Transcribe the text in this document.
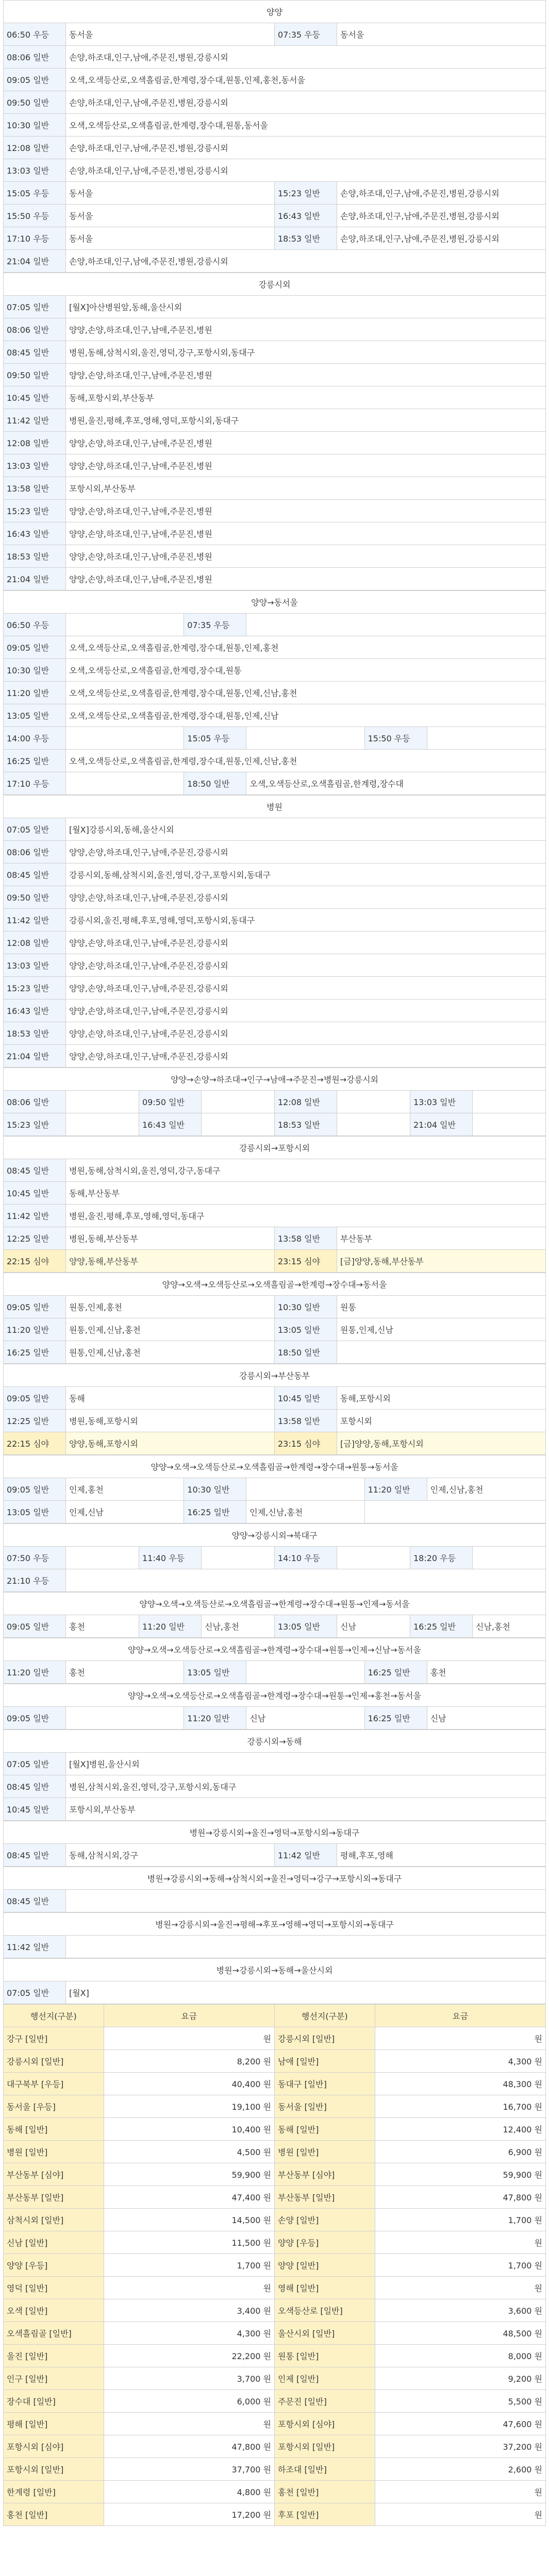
양양				
06:50 우등	동서울	07:35 우등	동서울	
08:06 일반	손양,하조대,인구,남애,주문진,병원,강릉시외			
09:05 일반	오색,오색등산로,오색흘림골,한계령,장수대,원통,인제,홍천,동서울			
09:50 일반	손양,하조대,인구,남애,주문진,병원,강릉시외			
10:30 일반	오색,오색등산로,오색흘림골,한계령,장수대,원통,동서울			
12:08 일반	손양,하조대,인구,남애,주문진,병원,강릉시외			
13:03 일반	손양,하조대,인구,남애,주문진,병원,강릉시외		
15:05 우등	동서울	15:23 일반	손양,하조대,인구,남애,주문진,병원,강릉시외	
15:50 우등	동서울	16:43 일반	손양,하조대,인구,남애,주문진,병원,강릉시외	
17:10 우등	동서울	18:53 일반	손양,하조대,인구,남애,주문진,병원,강릉시외	
21:04 일반	손양,하조대,인구,남애,주문진,병원,강릉시외			
강릉시외	
07:05 일반	[월X]아산병원앞,동해,울산시외
08:06 일반	양양,손양,하조대,인구,남애,주문진,병원
08:45 일반	병원,동해,삼척시외,울진,영덕,강구,포항시외,동대구
09:50 일반	양양,손양,하조대,인구,남애,주문진,병원
10:45 일반	동해,포항시외,부산동부
11:42 일반	병원,울진,평해,후포,영해,영덕,포항시외,동대구
12:08 일반	양양,손양,하조대,인구,남애,주문진,병원
13:03 일반	양양,손양,하조대,인구,남애,주문진,병원
13:58 일반	포항시외,부산동부
15:23 일반	양양,손양,하조대,인구,남애,주문진,병원
16:43 일반	양양,손양,하조대,인구,남애,주문진,병원
18:53 일반	양양,손양,하조대,인구,남애,주문진,병원
21:04 일반	양양,손양,하조대,인구,남애,주문진,병원
양양→동서울					
06:50 우등		07:35 우등			
09:05 일반	오색,오색등산로,오색흘림골,한계령,장수대,원통,인제,홍천				
10:30 일반	오색,오색등산로,오색흘림골,한계령,장수대,원통				
11:20 일반	오색,오색등산로,오색흘림골,한계령,장수대,원통,인제,신남,홍천				
13:05 일반	오색,오색등산로,오색흘림골,한계령,장수대,원통,인제,신남				
14:00 우등		15:05 우등		15:50 우등	
16:25 일반	오색,오색등산로,오색흘림골,한계령,장수대,원통,인제,신남,홍천				
17:10 우등		18:50 일반	오색,오색등산로,오색흘림골,한계령,장수대		
병원	
07:05 일반	[월X]강릉시외,동해,울산시외
08:06 일반	양양,손양,하조대,인구,남애,주문진,강릉시외
08:45 일반	강릉시외,동해,삼척시외,울진,영덕,강구,포항시외,동대구
09:50 일반	양양,손양,하조대,인구,남애,주문진,강릉시외
11:42 일반	강릉시외,울진,평해,후포,영해,영덕,포항시외,동대구
12:08 일반	양양,손양,하조대,인구,남애,주문진,강릉시외
13:03 일반	양양,손양,하조대,인구,남애,주문진,강릉시외
15:23 일반	양양,손양,하조대,인구,남애,주문진,강릉시외
16:43 일반	양양,손양,하조대,인구,남애,주문진,강릉시외
18:53 일반	양양,손양,하조대,인구,남애,주문진,강릉시외
21:04 일반	양양,손양,하조대,인구,남애,주문진,강릉시외
양양→손양→하조대→인구→남애→주문진→병원→강릉시외							
08:06 일반		09:50 일반		12:08 일반		13:03 일반	
15:23 일반		16:43 일반		18:53 일반		21:04 일반	
강릉시외→포항시외			
08:45 일반	병원,동해,삼척시외,울진,영덕,강구,동대구		
10:45 일반	동해,부산동부		
11:42 일반	병원,울진,평해,후포,영해,영덕,동대구		
12:25 일반	병원,동해,부산동부	13:58 일반	부산동부
22:15 심야	양양,동해,부산동부	23:15 심야	[금]양양,동해,부산동부
양양→오색→오색등산로→오색흘림골→한계령→장수대→동서울			
09:05 일반	원통,인제,홍천	10:30 일반	원통
11:20 일반	원통,인제,신남,홍천	13:05 일반	원통,인제,신남
16:25 일반	원통,인제,신남,홍천	18:50 일반	
강릉시외→부산동부			
09:05 일반	동해	10:45 일반	동해,포항시외
12:25 일반	병원,동해,포항시외	13:58 일반	포항시외
22:15 심야	양양,동해,포항시외	23:15 심야	[금]양양,동해,포항시외
양양→오색→오색등산로→오색흘림골→한계령→장수대→원통→동서울					
09:05 일반	인제,홍천	10:30 일반		11:20 일반	인제,신남,홍천
13:05 일반	인제,신남	16:25 일반	인제,신남,홍천		
양양→강릉시외→북대구							
07:50 우등		11:40 우등		14:10 우등		18:20 우등	
21:10 우등							
양양→오색→오색등산로→오색흘림골→한계령→장수대→원통→인제→동서울
09:05 일반	홍천	11:20 일반	신남,홍천	13:05 일반	신남	16:25 일반	신남,홍천
양양→오색→오색등산로→오색흘림골→한계령→장수대→원통→인제→신남→동서울
11:20 일반	홍천	13:05 일반		16:25 일반	홍천
양양→오색→오색등산로→오색흘림골→한계령→장수대→원통→인제→홍천→동서울
09:05 일반		11:20 일반	신남	16:25 일반	신남
강릉시외→동해	
07:05 일반	[월X]병원,울산시외
08:45 일반	병원,삼척시외,울진,영덕,강구,포항시외,동대구
10:45 일반	포항시외,부산동부
병원→강릉시외→울진→영덕→포항시외→동대구
08:45 일반	동해,삼척시외,강구	11:42 일반	평해,후포,영해
병원→강릉시외→동해→삼척시외→울진→영덕→강구→포항시외→동대구
08:45 일반	
병원→강릉시외→울진→평해→후포→영해→영덕→포항시외→동대구
11:42 일반	
병원→강릉시외→동해→울산시외
07:05 일반	[월X]
행선지(구분)	요금	행선지(구분)	요금
강구 [일반]	원	강릉시외 [일반]	원
강릉시외 [일반]	8,200 원	남애 [일반]	4,300 원
대구북부 [우등]	40,400 원	동대구 [일반]	48,300 원
동서울 [우등]	19,100 원	동서울 [일반]	16,700 원
동해 [일반]	10,400 원	동해 [일반]	12,400 원
병원 [일반]	4,500 원	병원 [일반]	6,900 원
부산동부 [심야]	59,900 원	부산동부 [심야]	59,900 원
부산동부 [일반]	47,400 원	부산동부 [일반]	47,800 원
삼척시외 [일반]	14,500 원	손양 [일반]	1,700 원
신남 [일반]	11,500 원	양양 [우등]	원
양양 [우등]	1,700 원	양양 [일반]	1,700 원
영덕 [일반]	원	영해 [일반]	원
오색 [일반]	3,400 원	오색등산로 [일반]	3,600 원
오색흘림골 [일반]	4,300 원	울산시외 [일반]	48,500 원
울진 [일반]	22,200 원	원통 [일반]	8,000 원
인구 [일반]	3,700 원	인제 [일반]	9,200 원
장수대 [일반]	6,000 원	주문진 [일반]	5,500 원
평해 [일반]	원	포항시외 [심야]	47,600 원
포항시외 [심야]	47,800 원	포항시외 [일반]	37,200 원
포항시외 [일반]	37,700 원	하조대 [일반]	2,600 원
한계령 [일반]	4,800 원	홍천 [일반]	원
홍천 [일반]	17,200 원	후포 [일반]	원
